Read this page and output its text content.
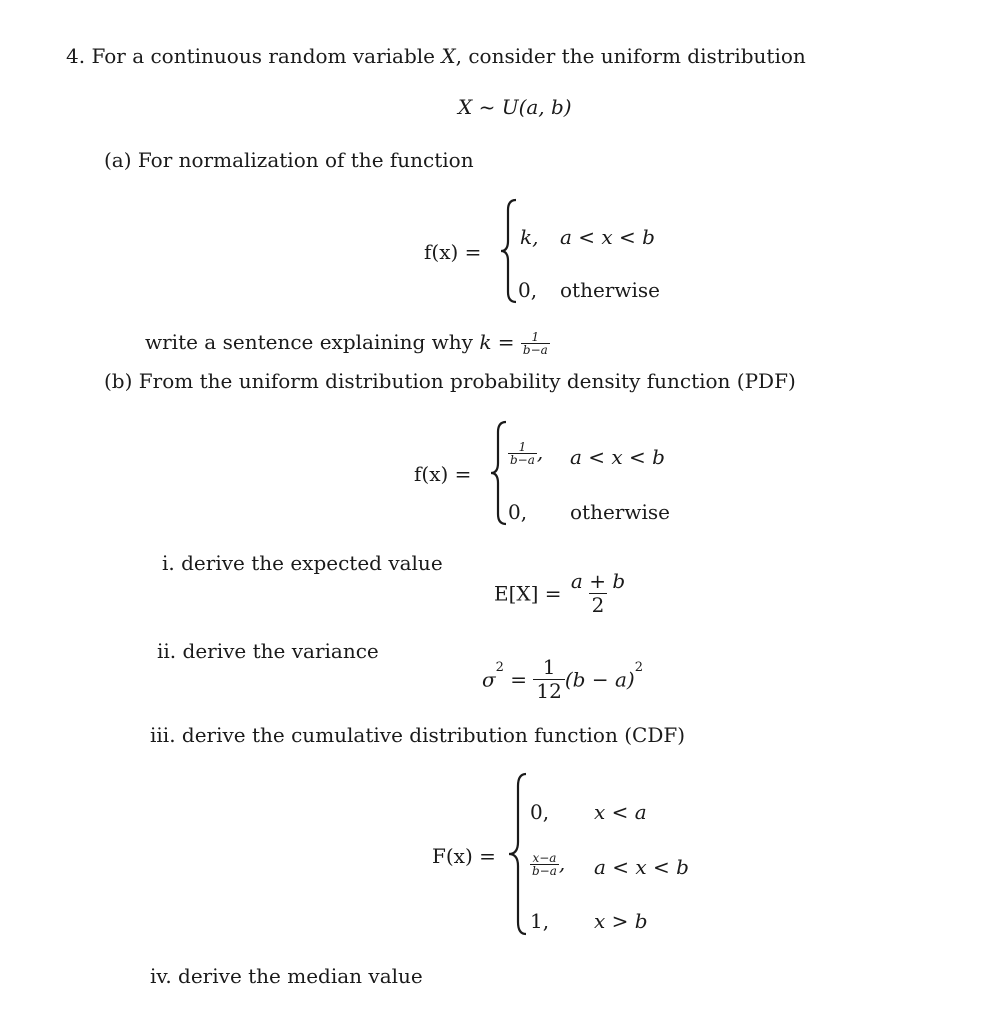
4. For a continuous random variable X, consider the uniform distribution
X ~ U(a, b)
(a) For normalization of the function
f(x) =
k, a < x < b
0, otherwise
write a sentence explaining why $k = \frac{1}{b-a}$
(b) From the uniform distribution probability density function (PDF)
f(x) =
$\frac{1}{b-a}$ , a < x < b
0, otherwise
i. derive the expected value
$E[X] = \frac{a + b}{2}$
ii. derive the variance
$\sigma^2 = \frac{1}{12} (b - a)^2$
iii. derive the cumulative distribution function (CDF)
F(x) =
0, x < a
$\frac{x-a}{b-a}$ , a < x < b
1, x > b
iv. derive the median value
